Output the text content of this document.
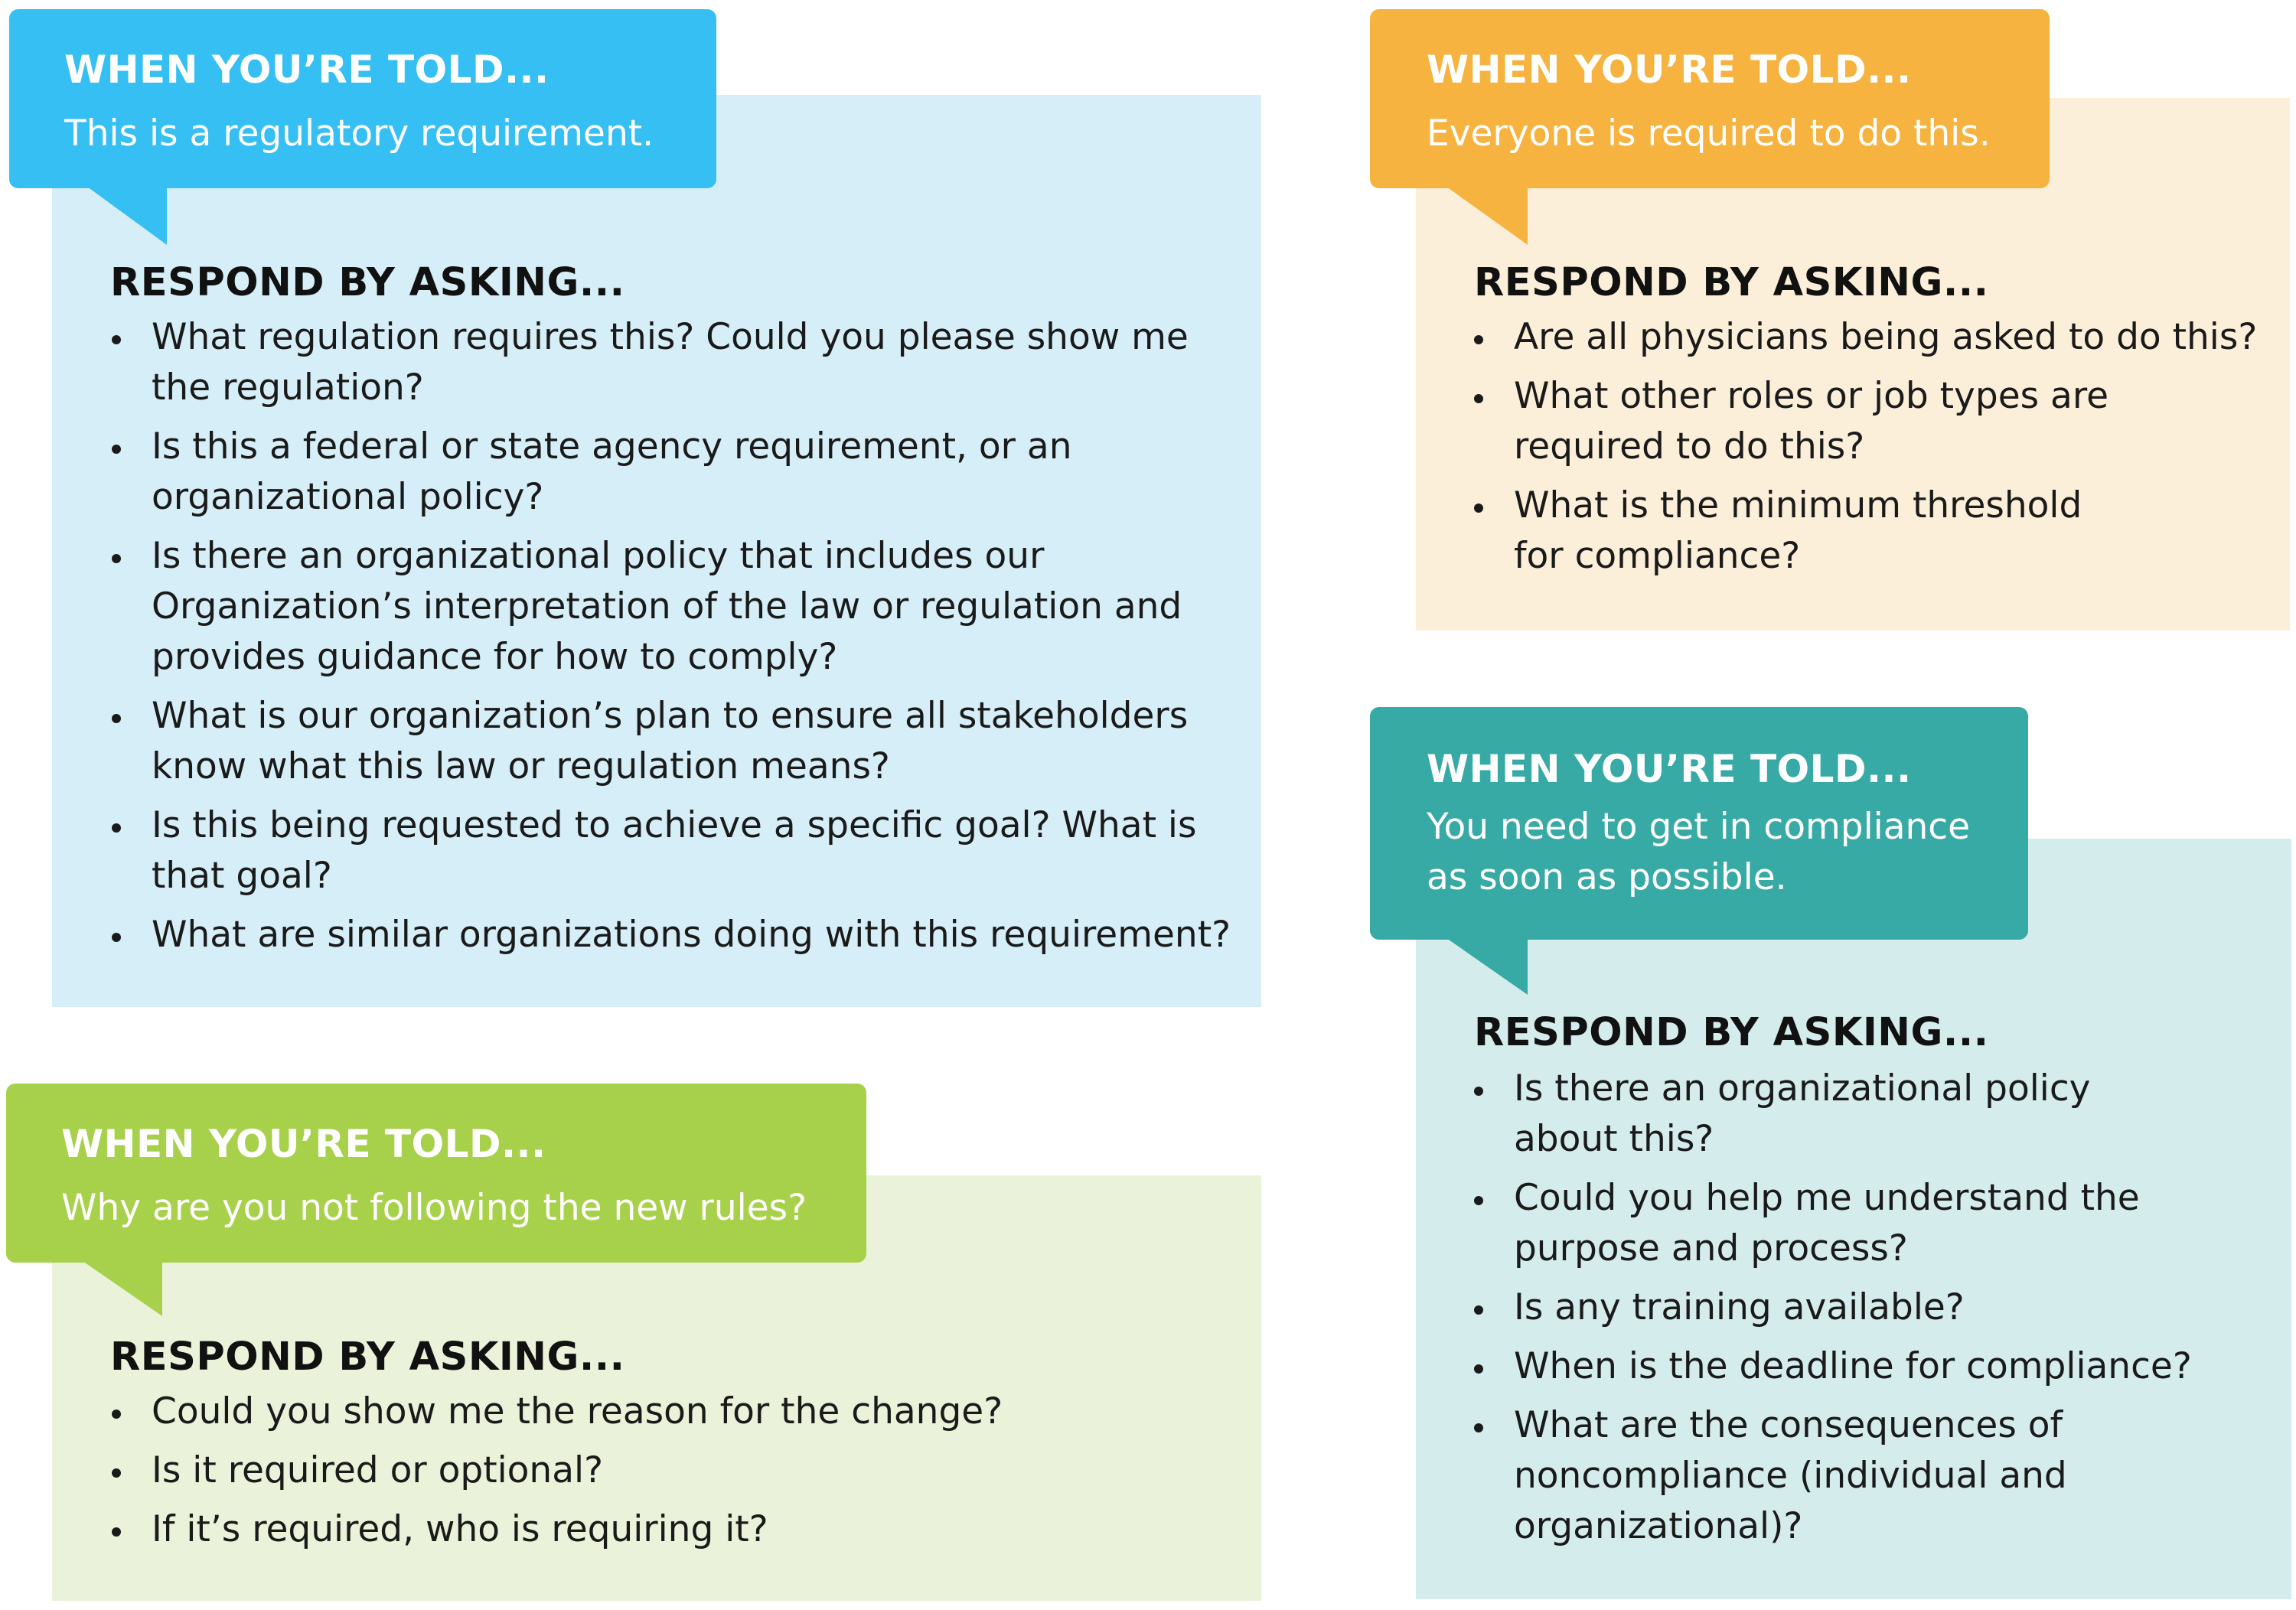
WHEN YOU’RE TOLD...
This is a regulatory requirement.
RESPOND BY ASKING...
What regulation requires this? Could you please show me
the regulation?
Is this a federal or state agency requirement, or an
organizational policy?
Is there an organizational policy that includes our
Organization’s interpretation of the law or regulation and
provides guidance for how to comply?
What is our organization’s plan to ensure all stakeholders
know what this law or regulation means?
Is this being requested to achieve a specific goal? What is
that goal?
What are similar organizations doing with this requirement?
WHEN YOU’RE TOLD...
Everyone is required to do this.
RESPOND BY ASKING...
Are all physicians being asked to do this?
What other roles or job types are
required to do this?
What is the minimum threshold
for compliance?
WHEN YOU’RE TOLD...
You need to get in compliance
as soon as possible.
RESPOND BY ASKING...
Is there an organizational policy
about this?
Could you help me understand the
purpose and process?
Is any training available?
When is the deadline for compliance?
What are the consequences of
noncompliance (individual and
organizational)?
WHEN YOU’RE TOLD...
Why are you not following the new rules?
RESPOND BY ASKING...
Could you show me the reason for the change?
Is it required or optional?
If it’s required, who is requiring it?
